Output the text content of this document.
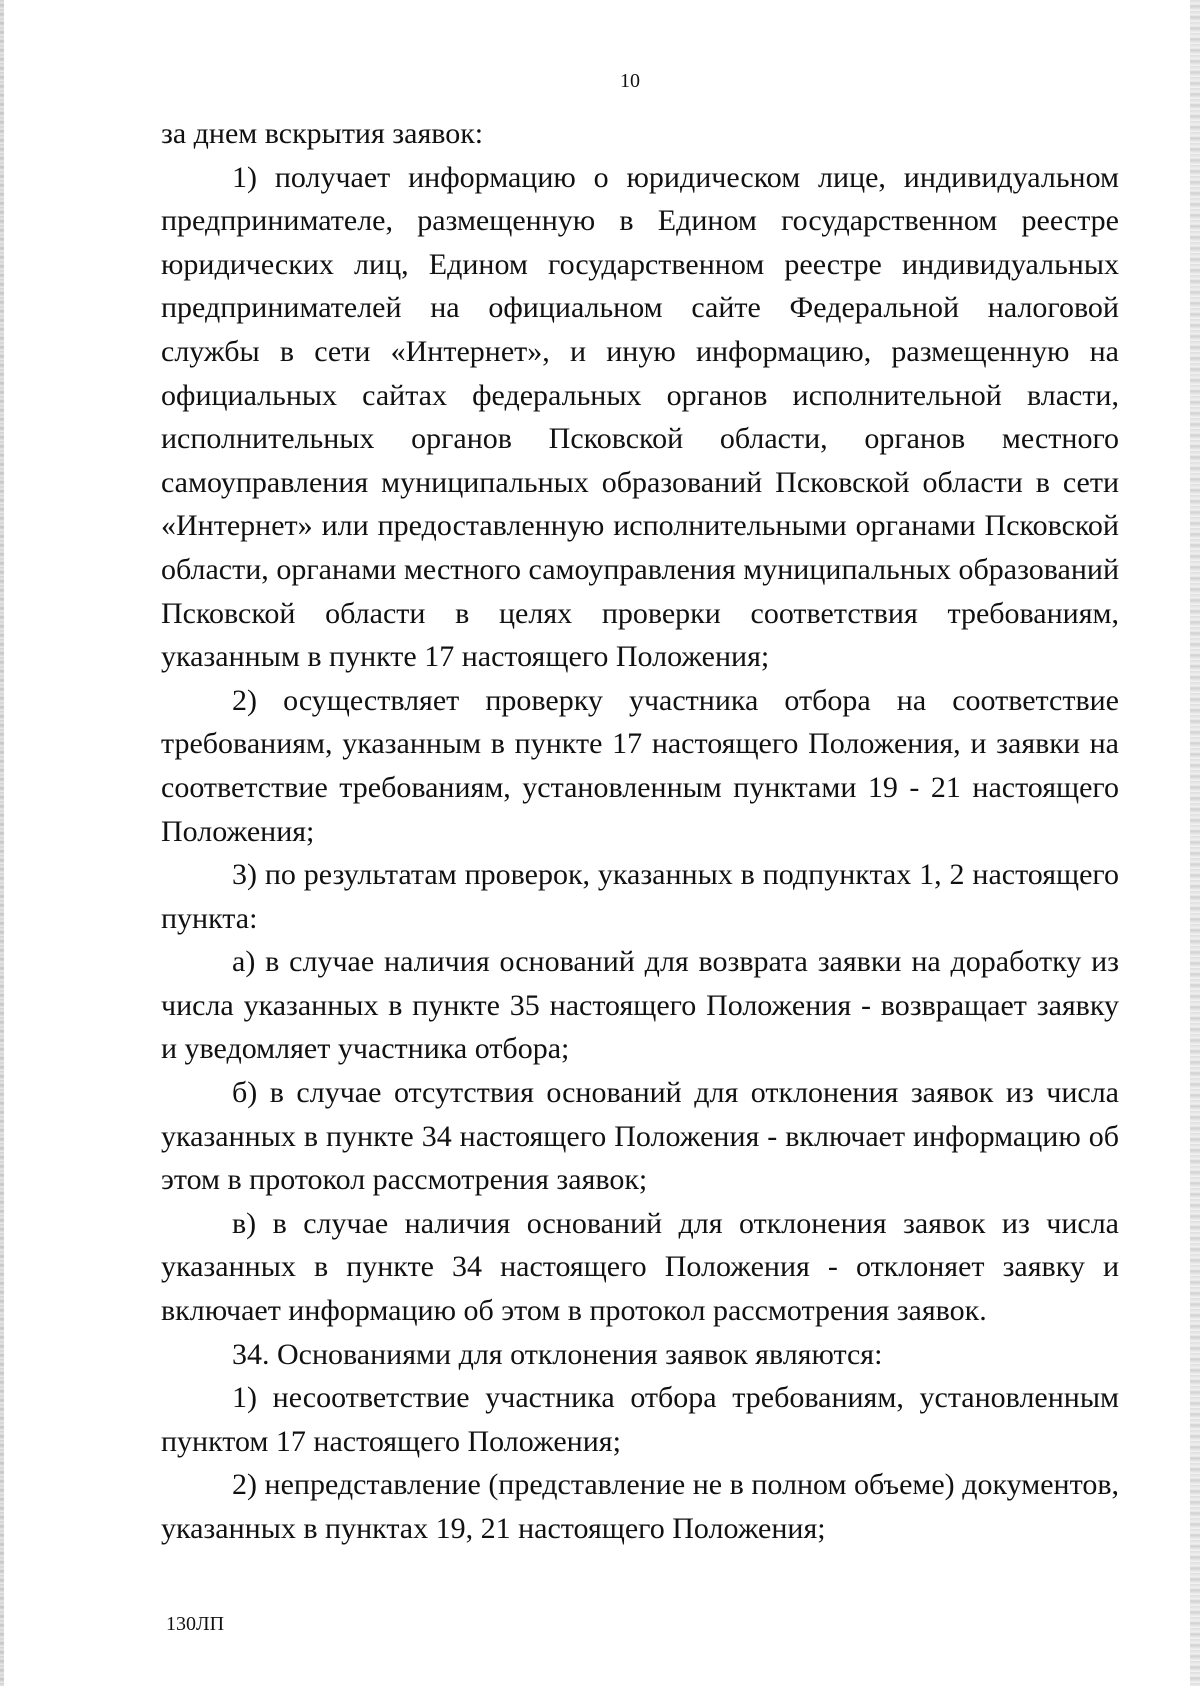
10

за днем вскрытия заявок:

1) получает информацию о юридическом лице, индивидуальном предпринимателе, размещенную в Едином государственном реестре юридических лиц, Едином государственном реестре индивидуальных предпринимателей на официальном сайте Федеральной налоговой службы в сети «Интернет», и иную информацию, размещенную на официальных сайтах федеральных органов исполнительной власти, исполнительных органов Псковской области, органов местного самоуправления муниципальных образований Псковской области в сети «Интернет» или предоставленную исполнительными органами Псковской области, органами местного самоуправления муниципальных образований Псковской области в целях проверки соответствия требованиям, указанным в пункте 17 настоящего Положения;

2) осуществляет проверку участника отбора на соответствие требованиям, указанным в пункте 17 настоящего Положения, и заявки на соответствие требованиям, установленным пунктами 19 - 21 настоящего Положения;

3) по результатам проверок, указанных в подпунктах 1, 2 настоящего пункта:

а) в случае наличия оснований для возврата заявки на доработку из числа указанных в пункте 35 настоящего Положения - возвращает заявку и уведомляет участника отбора;

б) в случае отсутствия оснований для отклонения заявок из числа указанных в пункте 34 настоящего Положения - включает информацию об этом в протокол рассмотрения заявок;

в) в случае наличия оснований для отклонения заявок из числа указанных в пункте 34 настоящего Положения - отклоняет заявку и включает информацию об этом в протокол рассмотрения заявок.

34. Основаниями для отклонения заявок являются:

1) несоответствие участника отбора требованиям, установленным пунктом 17 настоящего Положения;

2) непредставление (представление не в полном объеме) документов, указанных в пунктах 19, 21 настоящего Положения;

130ЛП
